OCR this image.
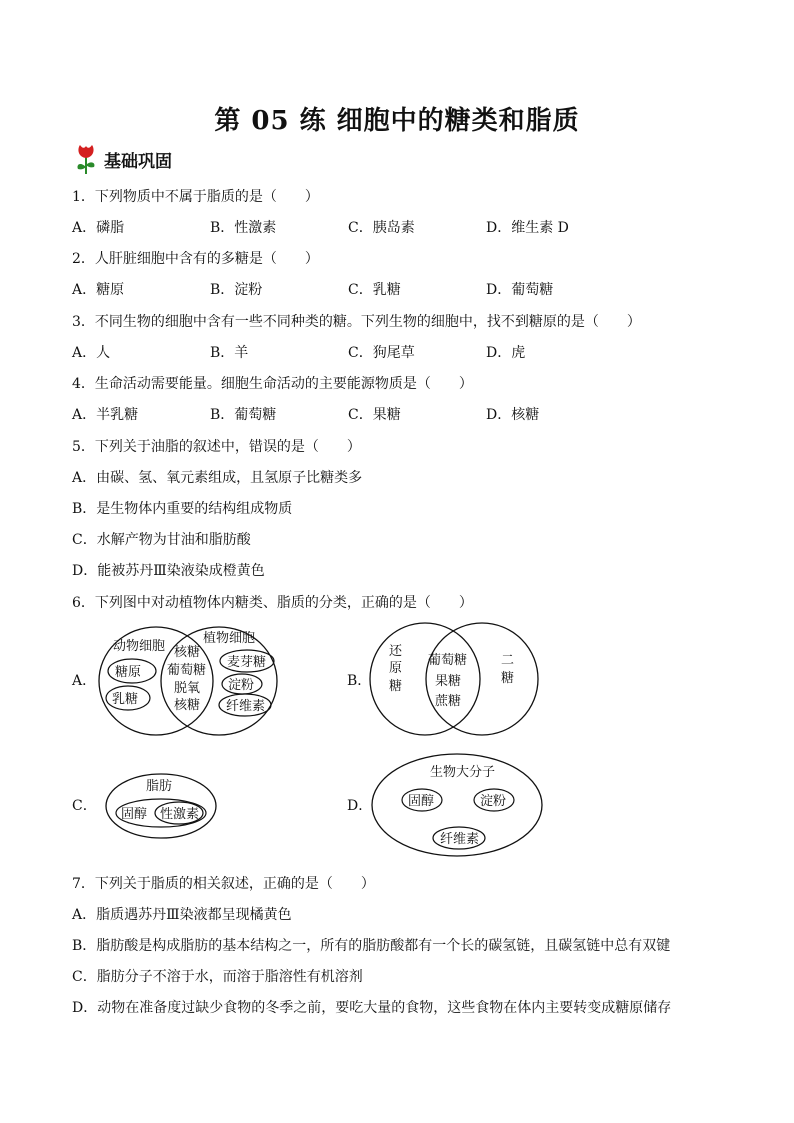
第 05 练 细胞中的糖类和脂质
基础巩固
1．下列物质中不属于脂质的是（　　）
A．磷脂	B．性激素	C．胰岛素	D．维生素 D
2．人肝脏细胞中含有的多糖是（　　）
A．糖原	B．淀粉	C．乳糖	D．葡萄糖
3．不同生物的细胞中含有一些不同种类的糖。下列生物的细胞中，找不到糖原的是（　　）
A．人	B．羊	C．狗尾草	D．虎
4．生命活动需要能量。细胞生命活动的主要能源物质是（　　）
A．半乳糖	B．葡萄糖	C．果糖	D．核糖
5．下列关于油脂的叙述中，错误的是（　　）
A．由碳、氢、氧元素组成，且氢原子比糖类多
B．是生物体内重要的结构组成物质
C．水解产物为甘油和脂肪酸
D．能被苏丹Ⅲ染液染成橙黄色
6．下列图中对动植物体内糖类、脂质的分类，正确的是（　　）
A．	B．
C．	D．
动物细胞
植物细胞
糖原
乳糖
核糖
葡萄糖
脱氧
核糖
麦芽糖
淀粉
纤维素
还
原
糖
葡萄糖
果糖
蔗糖
二
糖
脂肪
固醇 性激素
生物大分子
固醇	淀粉
纤维素
7．下列关于脂质的相关叙述，正确的是（　　）
A．脂质遇苏丹Ⅲ染液都呈现橘黄色
B．脂肪酸是构成脂肪的基本结构之一，所有的脂肪酸都有一个长的碳氢链，且碳氢链中总有双键
C．脂肪分子不溶于水，而溶于脂溶性有机溶剂
D．动物在准备度过缺少食物的冬季之前，要吃大量的食物，这些食物在体内主要转变成糖原储存
